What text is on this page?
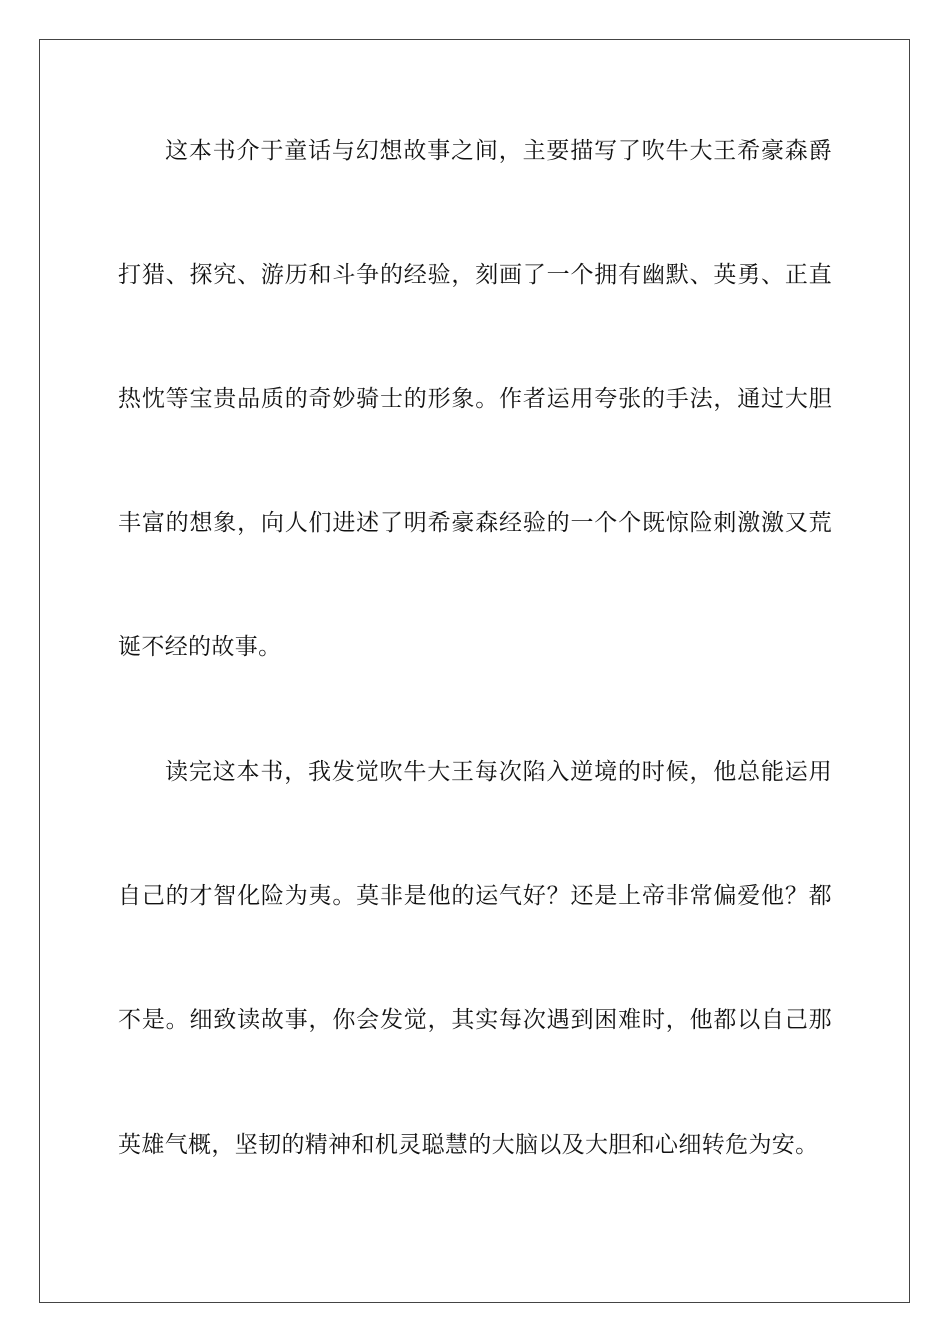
这本书介于童话与幻想故事之间，主要描写了吹牛大王希豪森爵
打猎、探究、游历和斗争的经验，刻画了一个拥有幽默、英勇、正直
热忱等宝贵品质的奇妙骑士的形象。作者运用夸张的手法，通过大胆
丰富的想象，向人们进述了明希豪森经验的一个个既惊险刺激激又荒
诞不经的故事。
读完这本书，我发觉吹牛大王每次陷入逆境的时候，他总能运用
自己的才智化险为夷。莫非是他的运气好？还是上帝非常偏爱他？都
不是。细致读故事，你会发觉，其实每次遇到困难时，他都以自己那
英雄气概，坚韧的精神和机灵聪慧的大脑以及大胆和心细转危为安。
